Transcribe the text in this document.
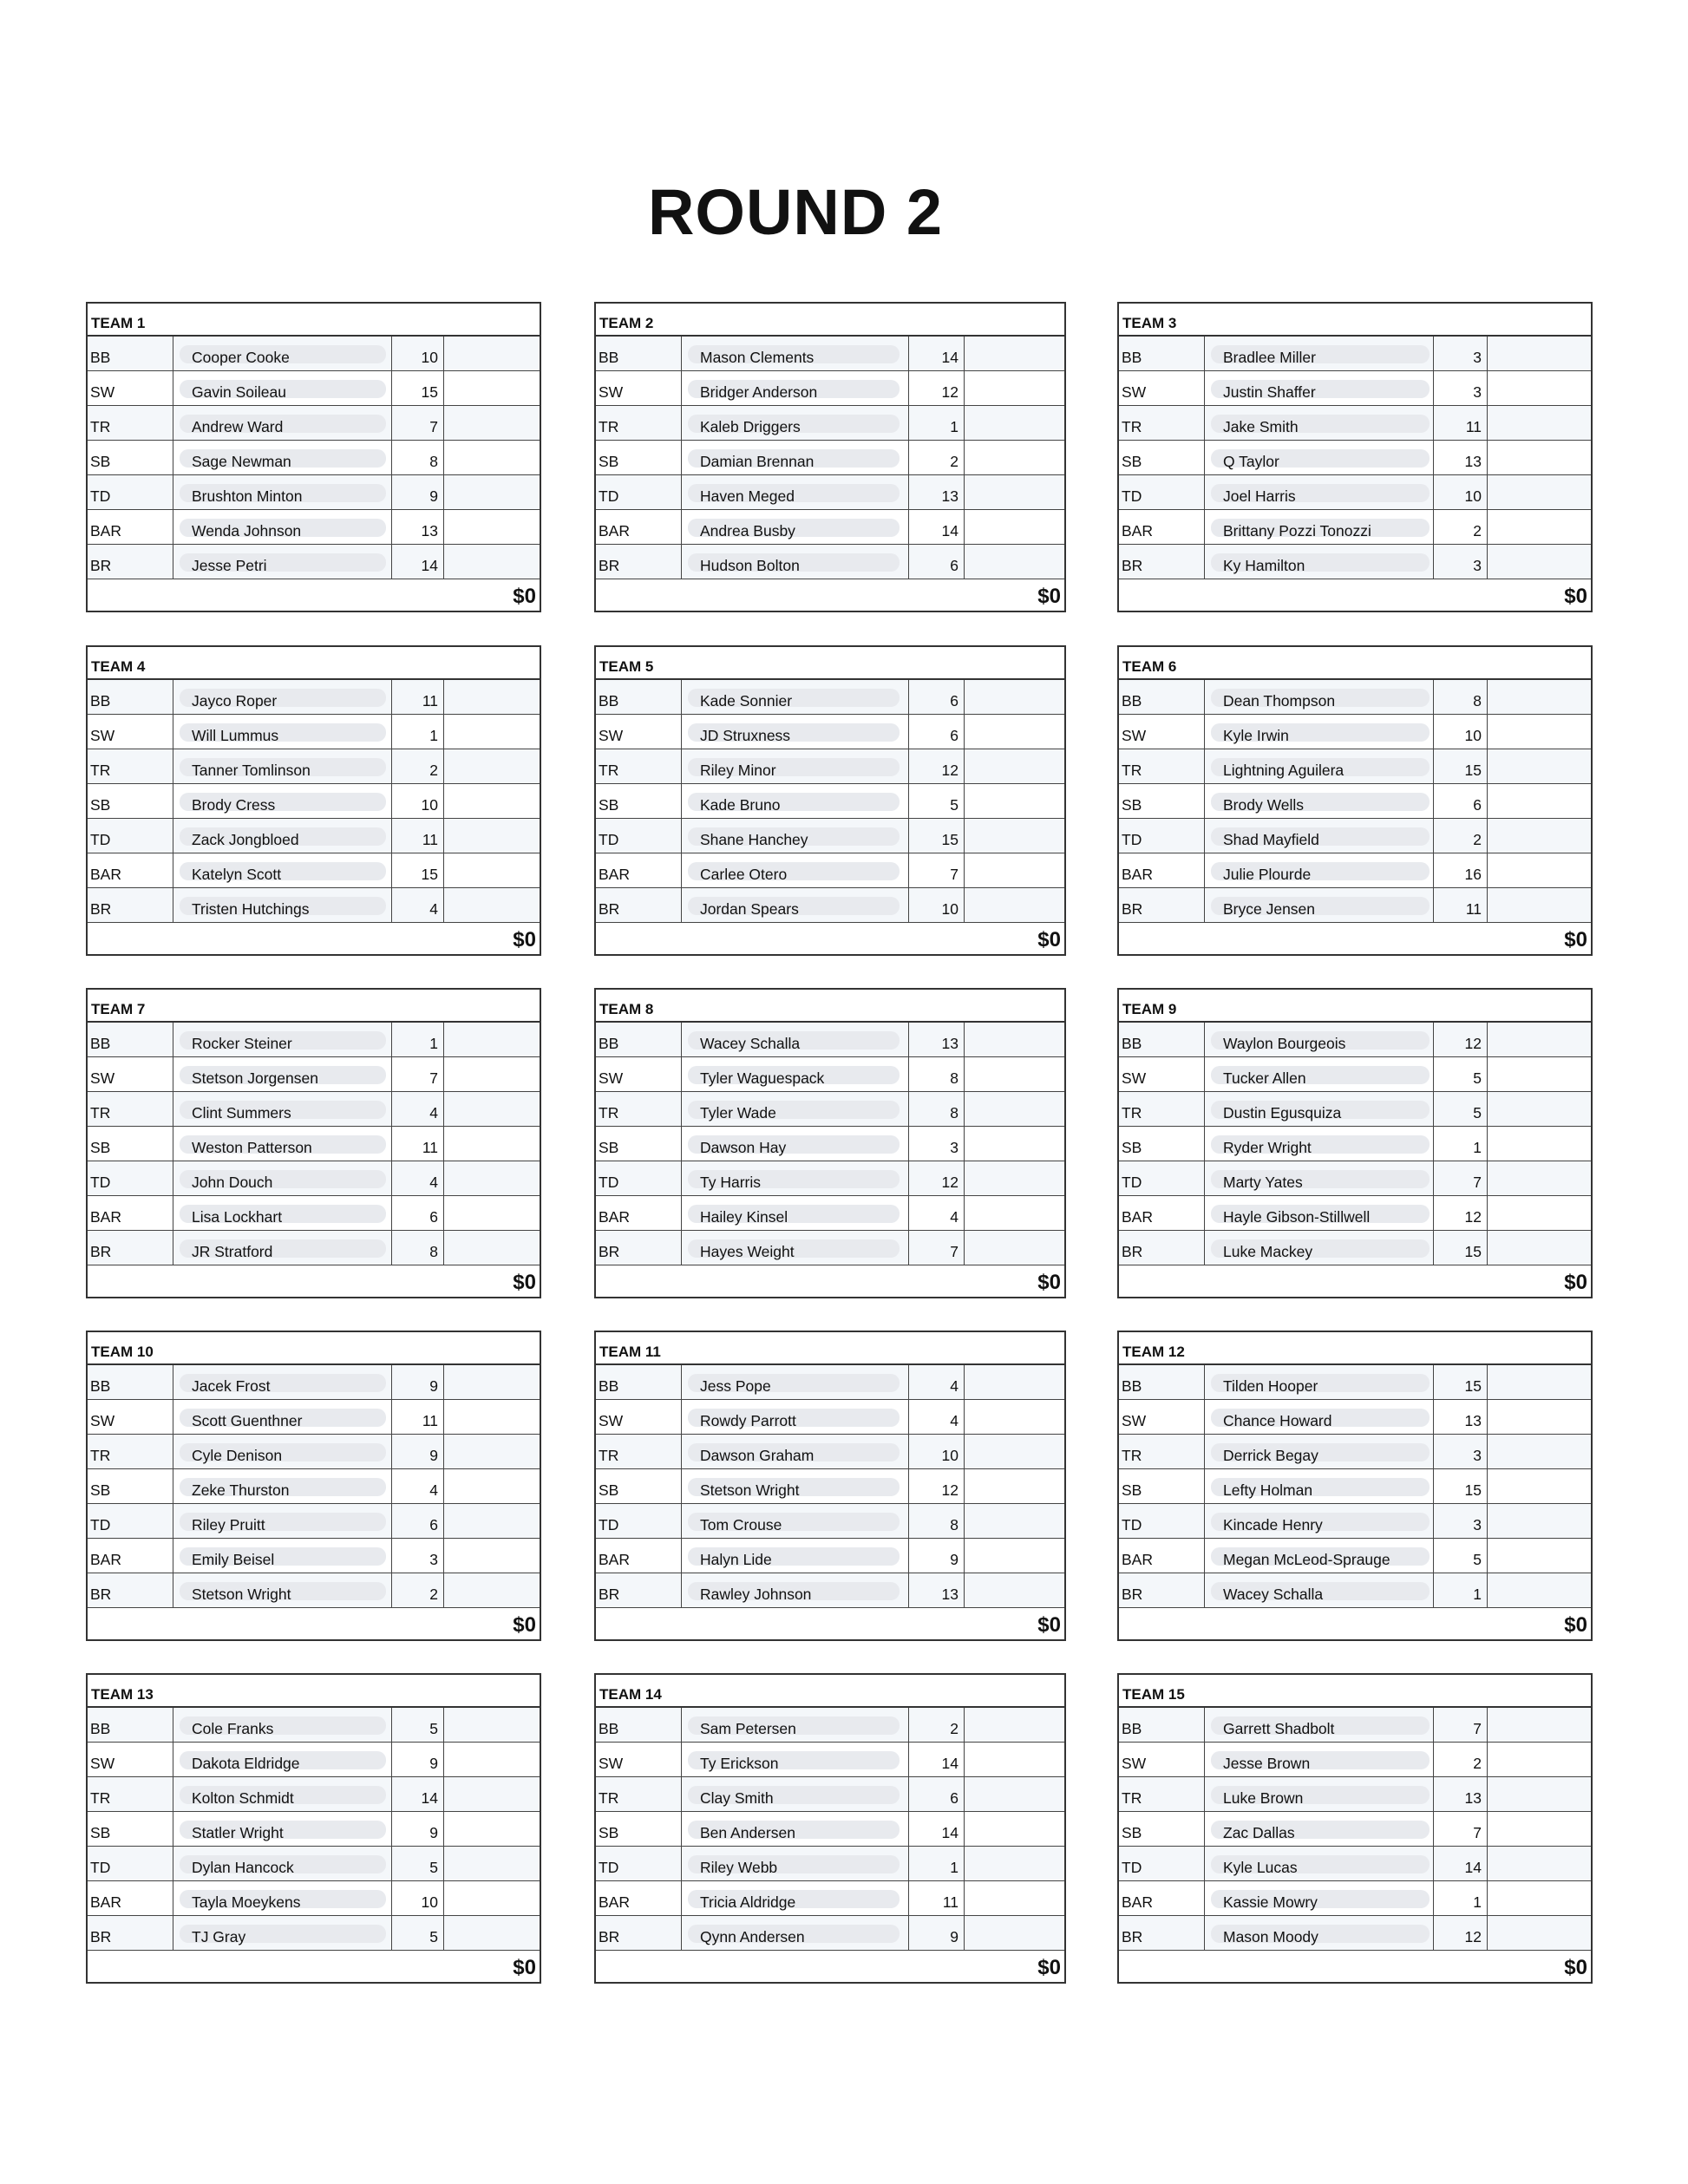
ROUND 2
TEAM 1
BB	Cooper Cooke	10
SW	Gavin Soileau	15
TR	Andrew Ward	7
SB	Sage Newman	8
TD	Brushton Minton	9
BAR	Wenda Johnson	13
BR	Jesse Petri	14
$0
TEAM 2
BB	Mason Clements	14
SW	Bridger Anderson	12
TR	Kaleb Driggers	1
SB	Damian Brennan	2
TD	Haven Meged	13
BAR	Andrea Busby	14
BR	Hudson Bolton	6
$0
TEAM 3
BB	Bradlee Miller	3
SW	Justin Shaffer	3
TR	Jake Smith	11
SB	Q Taylor	13
TD	Joel Harris	10
BAR	Brittany Pozzi Tonozzi	2
BR	Ky Hamilton	3
$0
TEAM 4
BB	Jayco Roper	11
SW	Will Lummus	1
TR	Tanner Tomlinson	2
SB	Brody Cress	10
TD	Zack Jongbloed	11
BAR	Katelyn Scott	15
BR	Tristen Hutchings	4
$0
TEAM 5
BB	Kade Sonnier	6
SW	JD Struxness	6
TR	Riley Minor	12
SB	Kade Bruno	5
TD	Shane Hanchey	15
BAR	Carlee Otero	7
BR	Jordan Spears	10
$0
TEAM 6
BB	Dean Thompson	8
SW	Kyle Irwin	10
TR	Lightning Aguilera	15
SB	Brody Wells	6
TD	Shad Mayfield	2
BAR	Julie Plourde	16
BR	Bryce Jensen	11
$0
TEAM 7
BB	Rocker Steiner	1
SW	Stetson Jorgensen	7
TR	Clint Summers	4
SB	Weston Patterson	11
TD	John Douch	4
BAR	Lisa Lockhart	6
BR	JR Stratford	8
$0
TEAM 8
BB	Wacey Schalla	13
SW	Tyler Waguespack	8
TR	Tyler Wade	8
SB	Dawson Hay	3
TD	Ty Harris	12
BAR	Hailey Kinsel	4
BR	Hayes Weight	7
$0
TEAM 9
BB	Waylon Bourgeois	12
SW	Tucker Allen	5
TR	Dustin Egusquiza	5
SB	Ryder Wright	1
TD	Marty Yates	7
BAR	Hayle Gibson-Stillwell	12
BR	Luke Mackey	15
$0
TEAM 10
BB	Jacek Frost	9
SW	Scott Guenthner	11
TR	Cyle Denison	9
SB	Zeke Thurston	4
TD	Riley Pruitt	6
BAR	Emily Beisel	3
BR	Stetson Wright	2
$0
TEAM 11
BB	Jess Pope	4
SW	Rowdy Parrott	4
TR	Dawson Graham	10
SB	Stetson Wright	12
TD	Tom Crouse	8
BAR	Halyn Lide	9
BR	Rawley Johnson	13
$0
TEAM 12
BB	Tilden Hooper	15
SW	Chance Howard	13
TR	Derrick Begay	3
SB	Lefty Holman	15
TD	Kincade Henry	3
BAR	Megan McLeod-Sprauge	5
BR	Wacey Schalla	1
$0
TEAM 13
BB	Cole Franks	5
SW	Dakota Eldridge	9
TR	Kolton Schmidt	14
SB	Statler Wright	9
TD	Dylan Hancock	5
BAR	Tayla Moeykens	10
BR	TJ Gray	5
$0
TEAM 14
BB	Sam Petersen	2
SW	Ty Erickson	14
TR	Clay Smith	6
SB	Ben Andersen	14
TD	Riley Webb	1
BAR	Tricia Aldridge	11
BR	Qynn Andersen	9
$0
TEAM 15
BB	Garrett Shadbolt	7
SW	Jesse Brown	2
TR	Luke Brown	13
SB	Zac Dallas	7
TD	Kyle Lucas	14
BAR	Kassie Mowry	1
BR	Mason Moody	12
$0
